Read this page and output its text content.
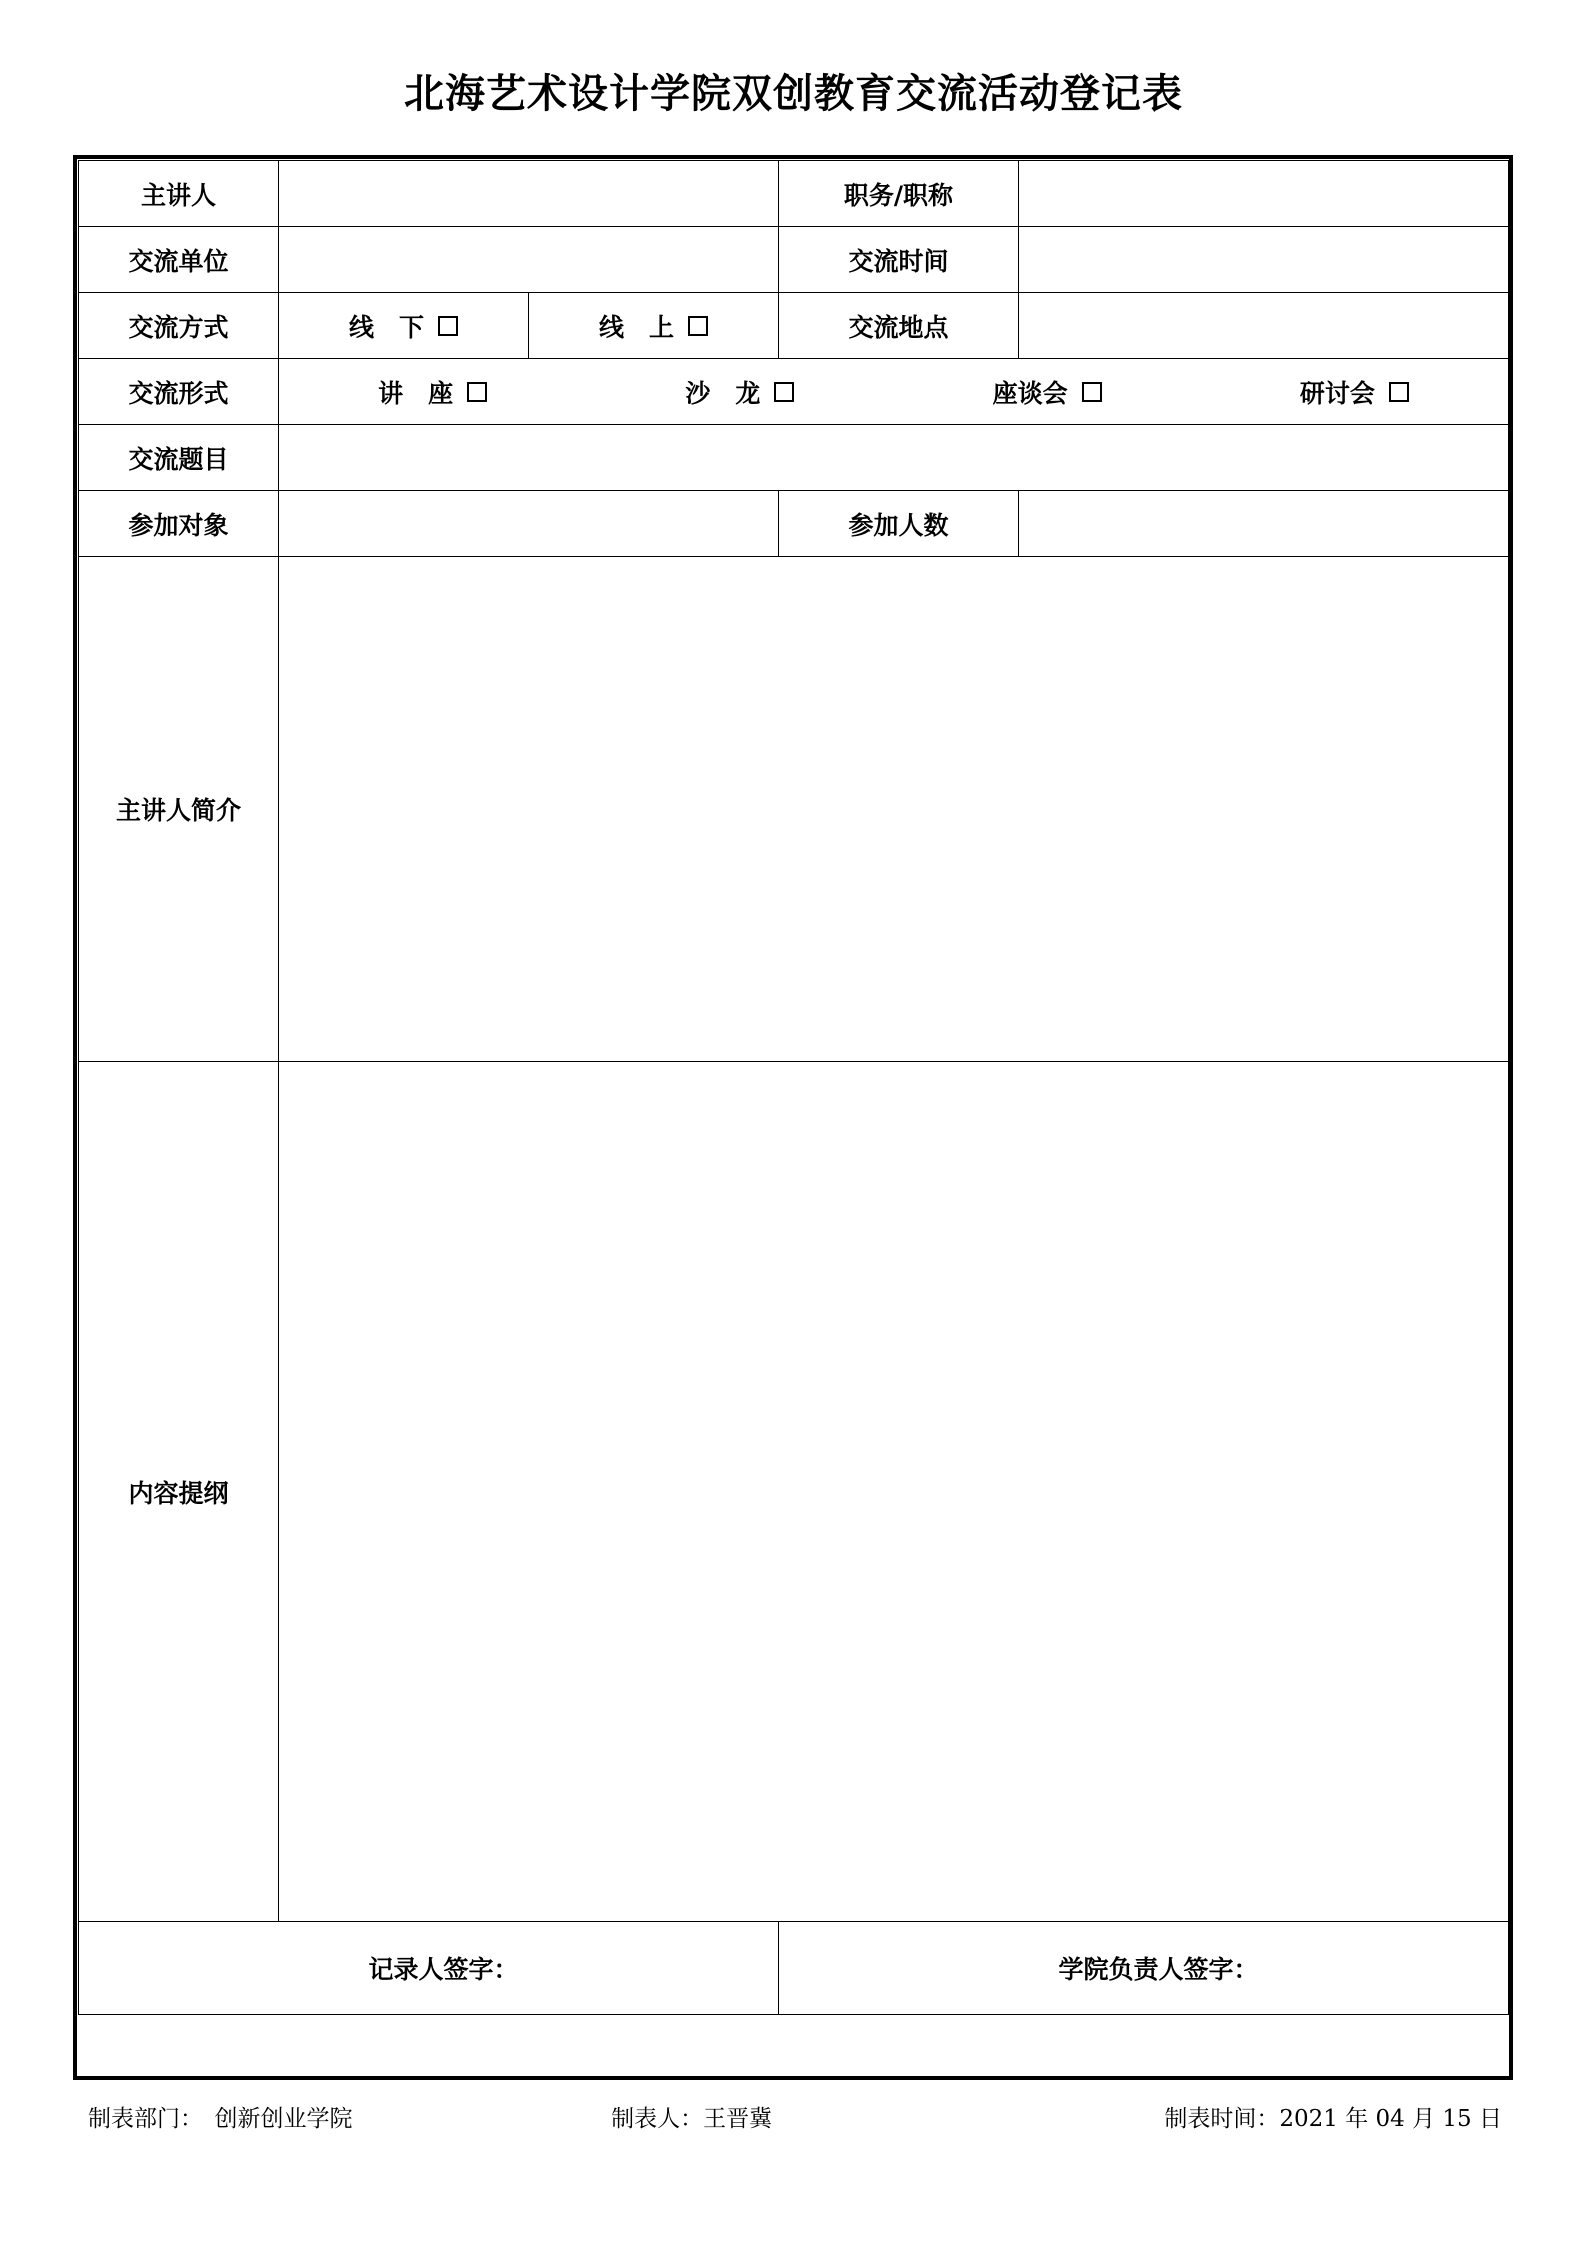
北海艺术设计学院双创教育交流活动登记表
主讲人			职务/职称	
交流单位			交流时间	
交流方式	线　下	线　上	交流地点	
交流形式	讲　座 沙　龙 座谈会 研讨会			

交流题目				
参加对象			参加人数	
主讲人简介				
内容提纲				
记录人签字：			学院负责人签字：	
制表部门：　创新创业学院	制表人：王晋冀	制表时间：2021 年 04 月 15 日
